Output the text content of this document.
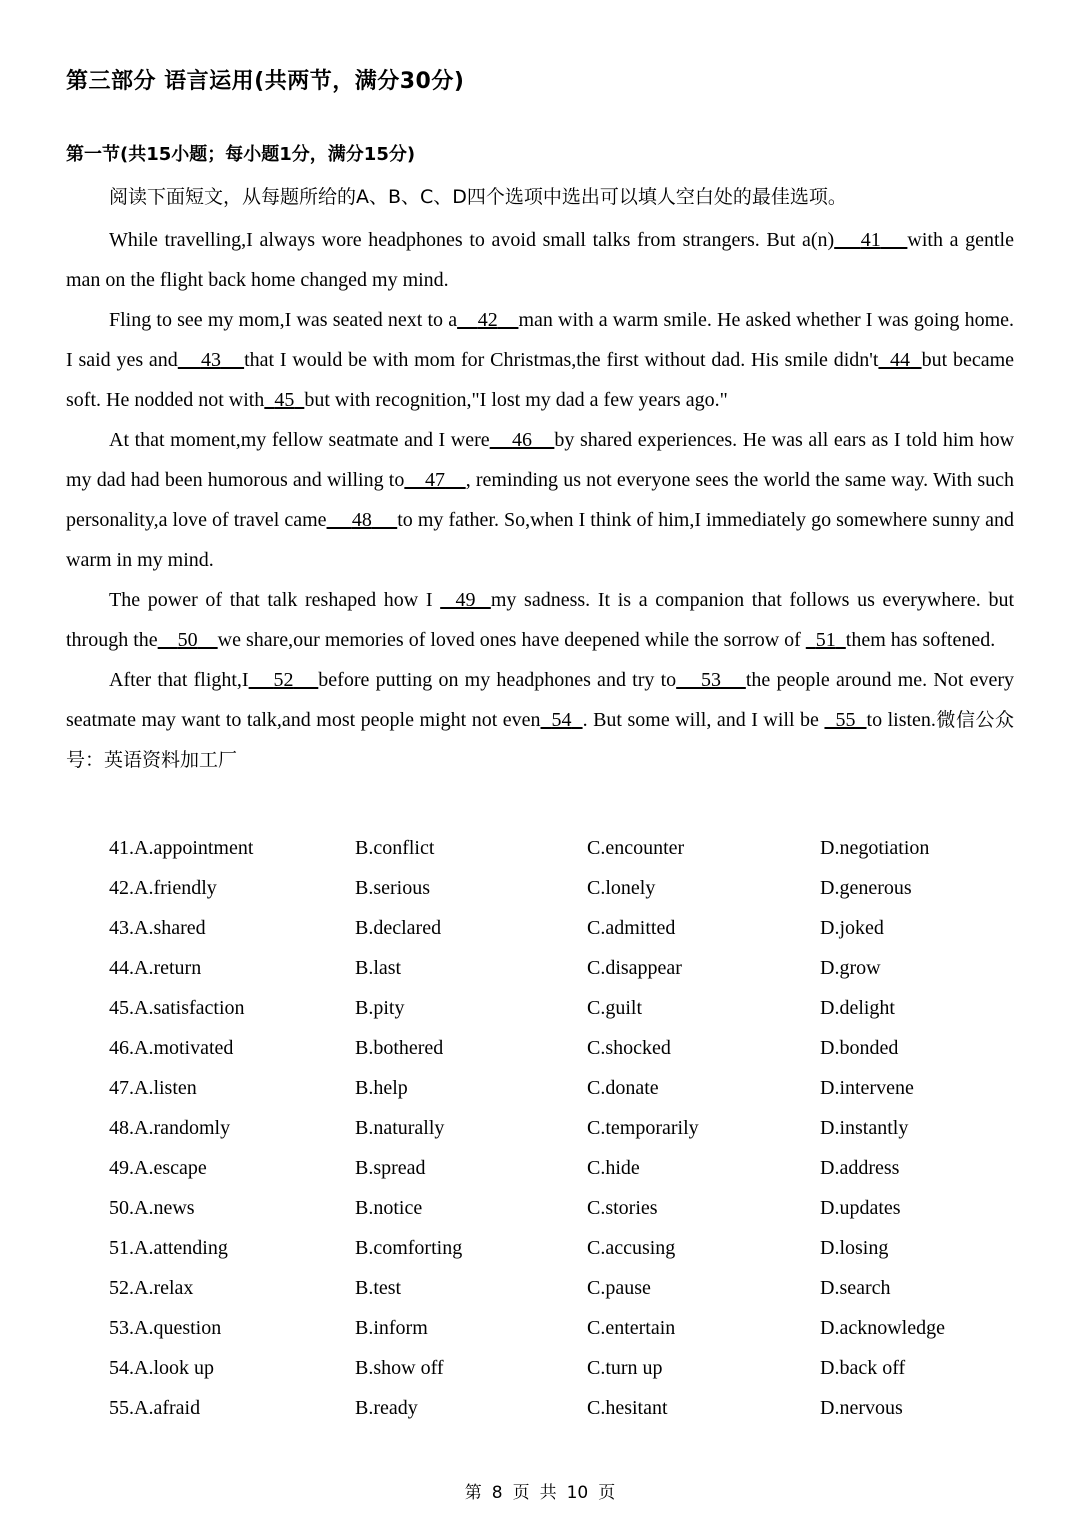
第三部分 语言运用(共两节，满分30分)
第一节(共15小题；每小题1分，满分15分)
阅读下面短文，从每题所给的A、B、C、D四个选项中选出可以填人空白处的最佳选项。

While travelling,I always wore headphones to avoid small talks from strangers. But a(n) 41 with a gentle man on the flight back home changed my mind.

Fling to see my mom,I was seated next to a 42 man with a warm smile. He asked whether I was going home. I said yes and 43 that I would be with mom for Christmas,the first without dad. His smile didn't 44 but became soft. He nodded not with 45 but with recognition,"I lost my dad a few years ago."

At that moment,my fellow seatmate and I were 46 by shared experiences. He was all ears as I told him how my dad had been humorous and willing to 47 , reminding us not everyone sees the world the same way. With such personality,a love of travel came 48 to my father. So,when I think of him,I immediately go somewhere sunny and warm in my mind.

The power of that talk reshaped how I   49 my sadness. It is a companion that follows us everywhere. but through the 50 we share,our memories of loved ones have deepened while the sorrow of   51 them has softened.

After that flight,I 52 before putting on my headphones and try to 53 the people around me. Not every seatmate may want to talk,and most people might not even 54 . But some will, and I will be   55 to listen.微信公众号：英语资料加工厂

41.A.appointment	B.conflict	C.encounter	D.negotiation
42.A.friendly	B.serious	C.lonely	D.generous
43.A.shared	B.declared	C.admitted	D.joked
44.A.return	B.last	C.disappear	D.grow
45.A.satisfaction	B.pity	C.guilt	D.delight
46.A.motivated	B.bothered	C.shocked	D.bonded
47.A.listen	B.help	C.donate	D.intervene
48.A.randomly	B.naturally	C.temporarily	D.instantly
49.A.escape	B.spread	C.hide	D.address
50.A.news	B.notice	C.stories	D.updates
51.A.attending	B.comforting	C.accusing	D.losing
52.A.relax	B.test	C.pause	D.search
53.A.question	B.inform	C.entertain	D.acknowledge
54.A.look up	B.show off	C.turn up	D.back off
55.A.afraid	B.ready	C.hesitant	D.nervous
第 8 页 共 10 页
